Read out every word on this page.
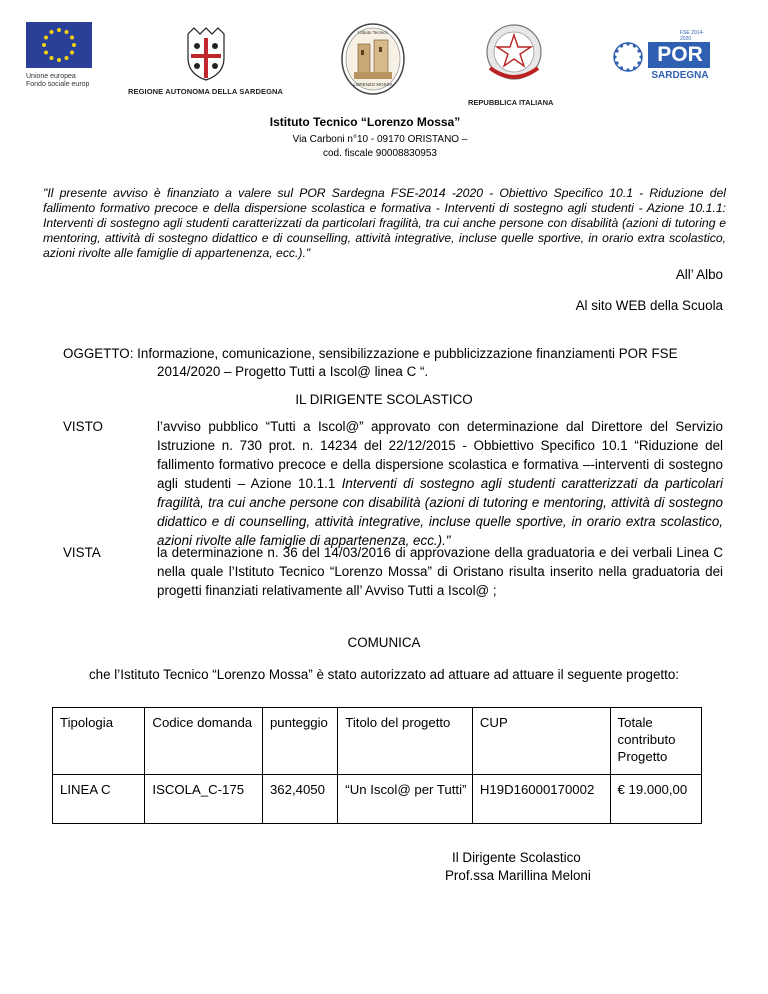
Unione europea
Fondo sociale europ
REGIONE AUTONOMA DELLA SARDEGNA
Istituto Tecnico
LORENZO MOSSA
REPUBBLICA ITALIANA
FSE 2014-2020
POR
SARDEGNA
Istituto Tecnico “Lorenzo Mossa”
Via Carboni n°10 - 09170 ORISTANO –
cod. fiscale 90008830953
"Il presente avviso è finanziato a valere sul POR Sardegna FSE-2014 -2020 - Obiettivo Specifico 10.1 - Riduzione del fallimento formativo precoce e della dispersione scolastica e formativa - Interventi di sostegno agli studenti - Azione 10.1.1: Interventi di sostegno agli studenti caratterizzati da particolari fragilità, tra cui anche persone con disabilità (azioni di tutoring e mentoring, attività di sostegno didattico e di counselling, attività integrative, incluse quelle sportive, in orario extra scolastico, azioni rivolte alle famiglie di appartenenza, ecc.)."
All’ Albo
Al sito WEB della Scuola
OGGETTO: Informazione, comunicazione, sensibilizzazione e pubblicizzazione finanziamenti POR FSE
2014/2020 – Progetto Tutti a Iscol@ linea C “.
IL DIRIGENTE SCOLASTICO
VISTO	l’avviso pubblico “Tutti a Iscol@” approvato con determinazione dal Direttore del Servizio Istruzione n. 730 prot. n. 14234 del 22/12/2015 - Obbiettivo Specifico 10.1 “Riduzione del fallimento formativo precoce e della dispersione scolastica e formativa –-interventi di sostegno agli studenti – Azione 10.1.1 Interventi di sostegno agli studenti caratterizzati da particolari fragilità, tra cui anche persone con disabilità (azioni di tutoring e mentoring, attività di sostegno didattico e di counselling, attività integrative, incluse quelle sportive, in orario extra scolastico, azioni rivolte alle famiglie di appartenenza, ecc.)."
VISTA	la determinazione n. 36 del 14/03/2016 di approvazione della graduatoria e dei verbali Linea C nella quale l’Istituto Tecnico “Lorenzo Mossa” di Oristano risulta inserito nella graduatoria dei progetti finanziati relativamente all’ Avviso Tutti a Iscol@ ;
COMUNICA
che l’Istituto Tecnico “Lorenzo Mossa” è stato autorizzato ad attuare ad attuare il seguente progetto:
Tipologia	Codice domanda	punteggio	Titolo del progetto	CUP	Totale contributo Progetto
LINEA C	ISCOLA_C-175	362,4050	“Un Iscol@ per Tutti”	H19D16000170002	€ 19.000,00
Il Dirigente Scolastico
Prof.ssa Marillina Meloni
